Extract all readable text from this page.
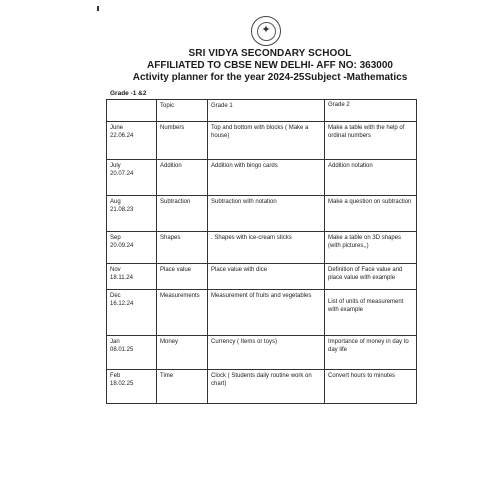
✦
SRI VIDYA SECONDARY SCHOOL
AFFILIATED TO CBSE NEW DELHI- AFF NO: 363000
Activity planner for the year 2024-25Subject -Mathematics
Grade -1 &2
	Topic	Grade 1	Grade 2

June
22.06.24	Numbers	Top and bottom with blocks ( Make a house)	Make a table with the help of ordinal numbers

July
20.07.24	Addition	Addition with bingo cards	Addition notation

Aug
21.08.23	Subtraction	Subtraction with notation	Make a question on subtraction

Sep
20.09.24	Shapes	. Shapes with ice-cream sticks	Make a table on 3D shapes (with pictures,,)

Nov
18.11.24	Place value	Place value with dice	Definition of Face value and place value with example

Dec
16.12.24	Measurements	Measurement of fruits and vegetables	List of units of measurement with example

Jan
08.01.25	Money	Currency ( Items or toys)	Importance of money in day to day life

Feb
18.02.25	Time	Clock ( Students daily routine work on chart)	Convert hours to minutes
